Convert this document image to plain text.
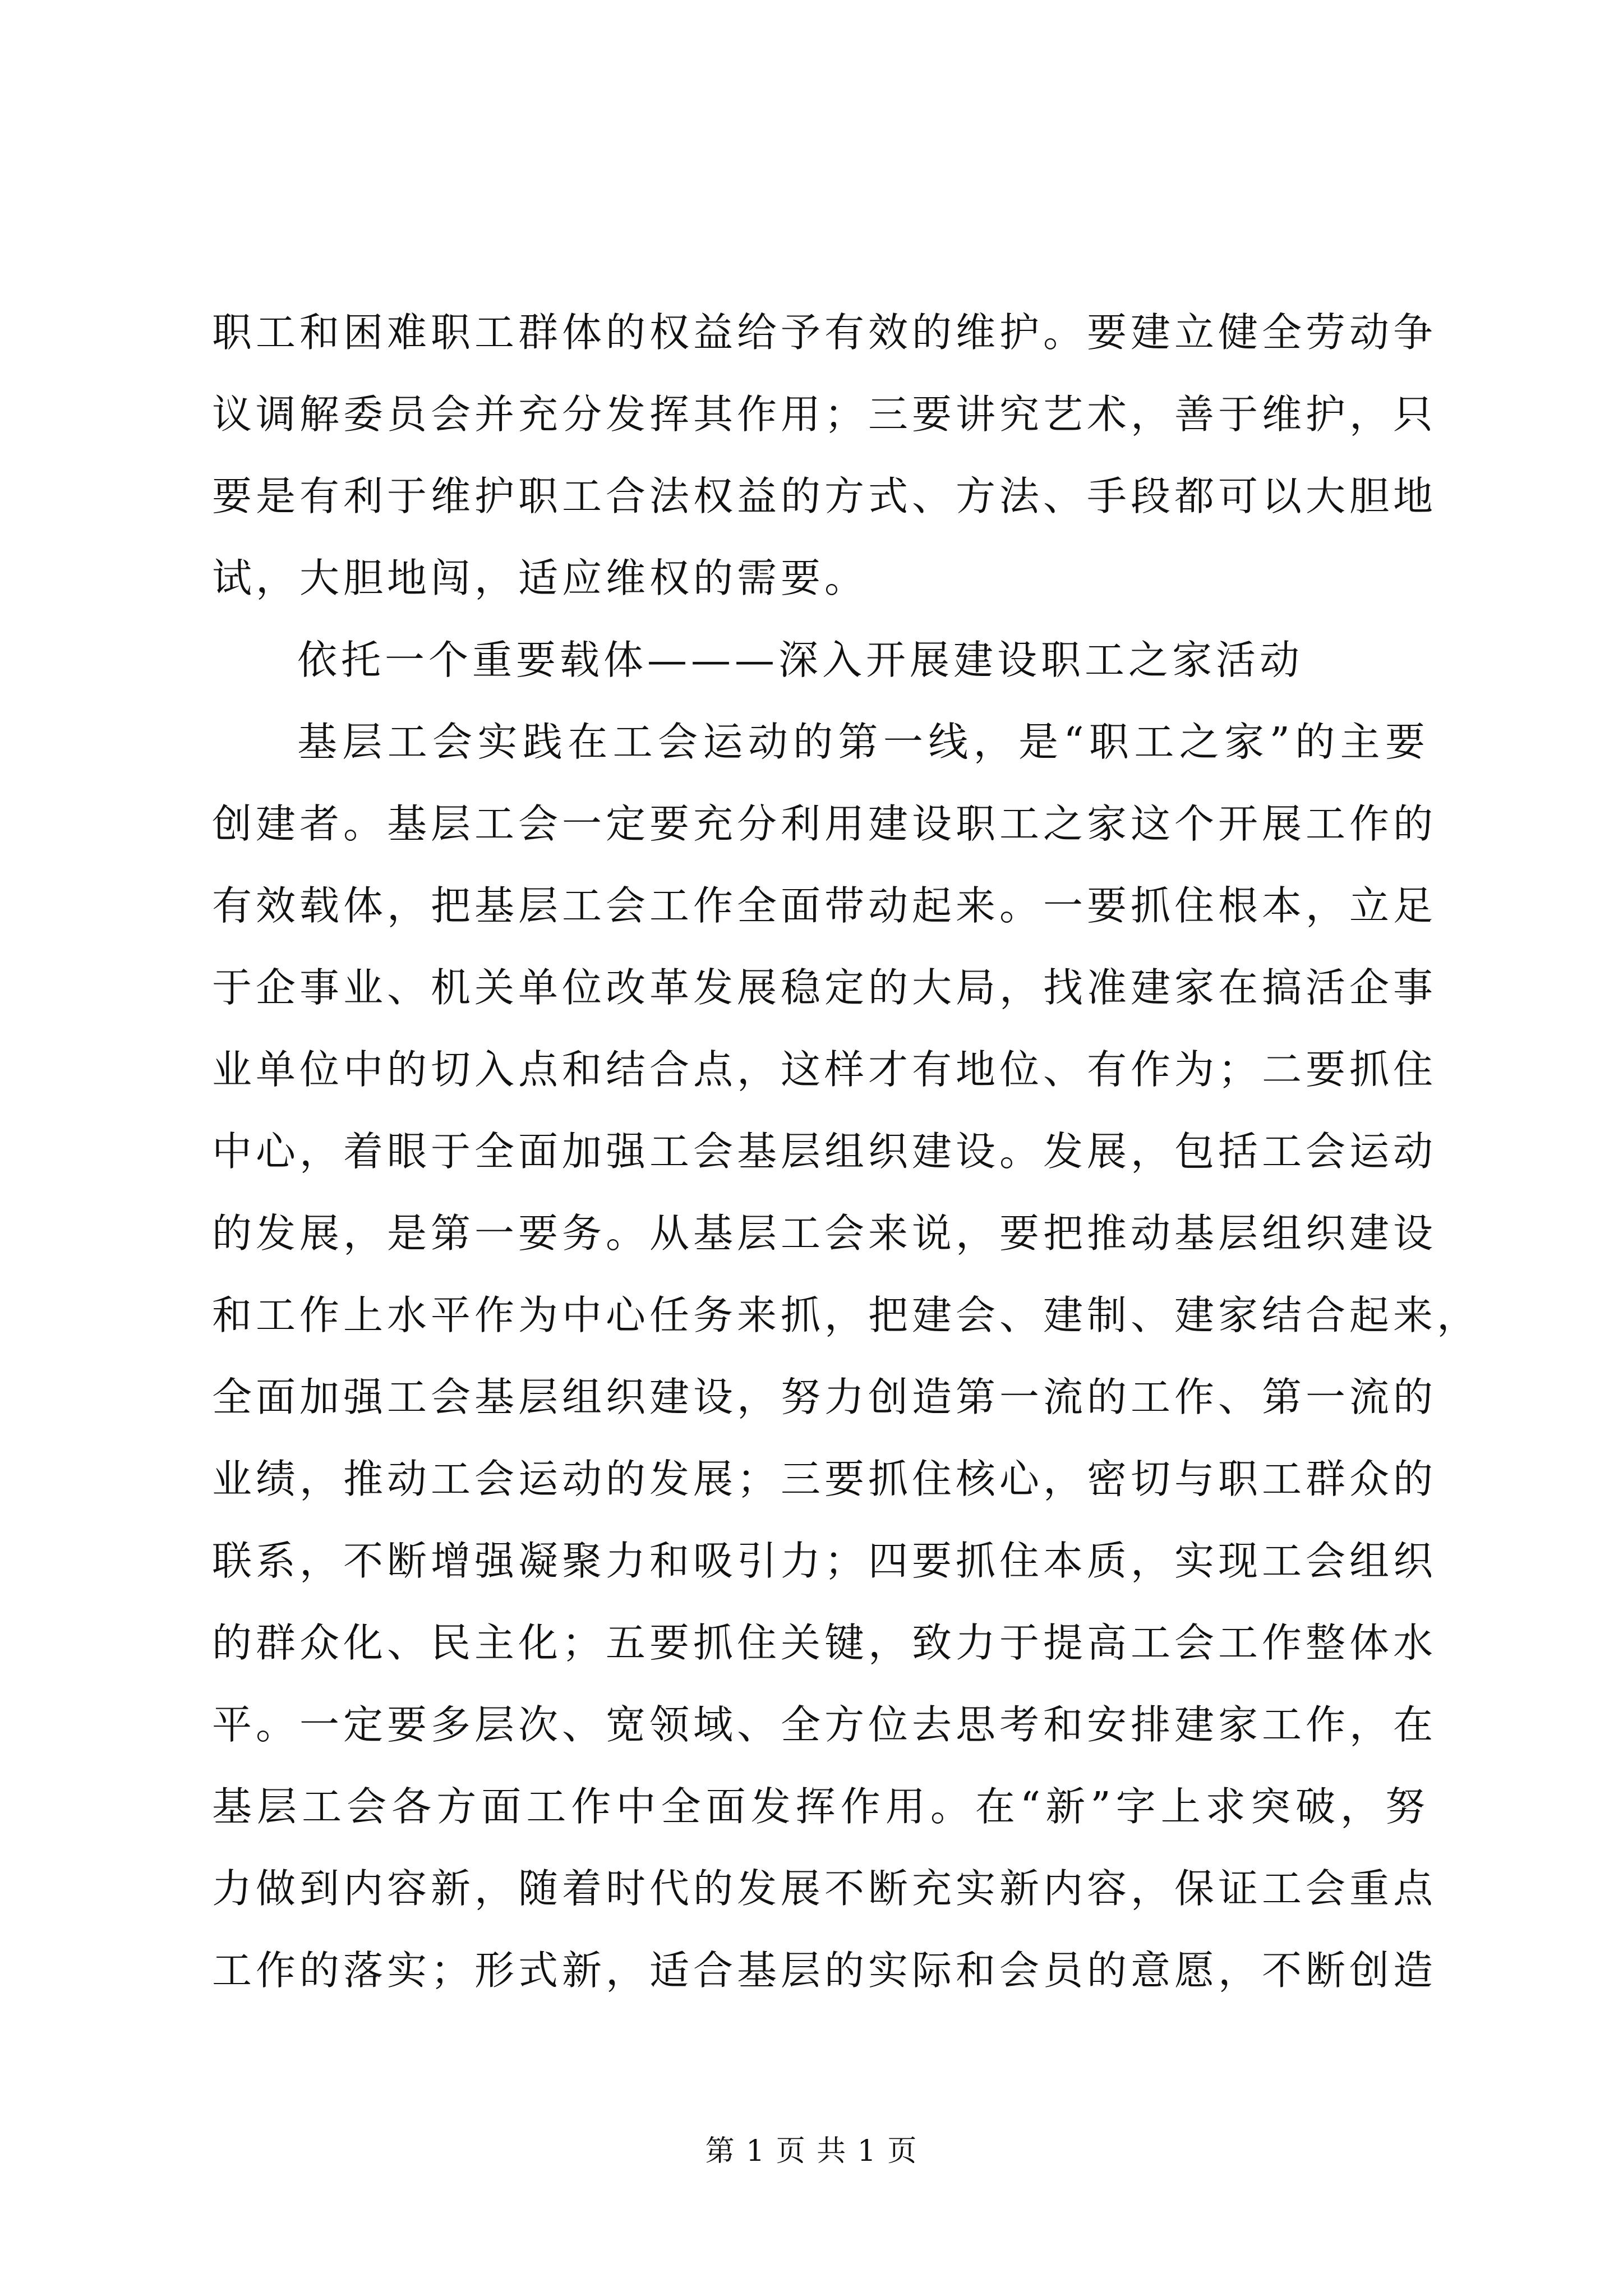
职工和困难职工群体的权益给予有效的维护。要建立健全劳动争
议调解委员会并充分发挥其作用；三要讲究艺术，善于维护，只
要是有利于维护职工合法权益的方式、方法、手段都可以大胆地
试，大胆地闯，适应维权的需要。
依托一个重要载体———深入开展建设职工之家活动
基层工会实践在工会运动的第一线，是“职工之家”的主要
创建者。基层工会一定要充分利用建设职工之家这个开展工作的
有效载体，把基层工会工作全面带动起来。一要抓住根本，立足
于企事业、机关单位改革发展稳定的大局，找准建家在搞活企事
业单位中的切入点和结合点，这样才有地位、有作为；二要抓住
中心，着眼于全面加强工会基层组织建设。发展，包括工会运动
的发展，是第一要务。从基层工会来说，要把推动基层组织建设
和工作上水平作为中心任务来抓，把建会、建制、建家结合起来，
全面加强工会基层组织建设，努力创造第一流的工作、第一流的
业绩，推动工会运动的发展；三要抓住核心，密切与职工群众的
联系，不断增强凝聚力和吸引力；四要抓住本质，实现工会组织
的群众化、民主化；五要抓住关键，致力于提高工会工作整体水
平。一定要多层次、宽领域、全方位去思考和安排建家工作，在
基层工会各方面工作中全面发挥作用。在“新”字上求突破，努
力做到内容新，随着时代的发展不断充实新内容，保证工会重点
工作的落实；形式新，适合基层的实际和会员的意愿，不断创造
第 1 页 共 1 页
